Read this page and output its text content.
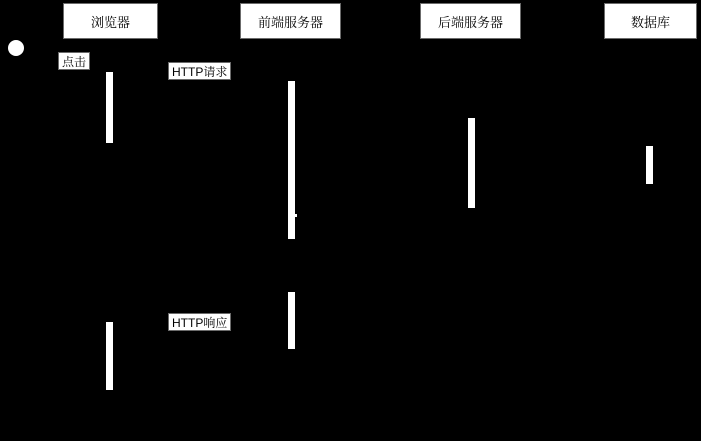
浏览器	前端服务器	后端服务器	数据库
点击
HTTP请求
HTTP响应
